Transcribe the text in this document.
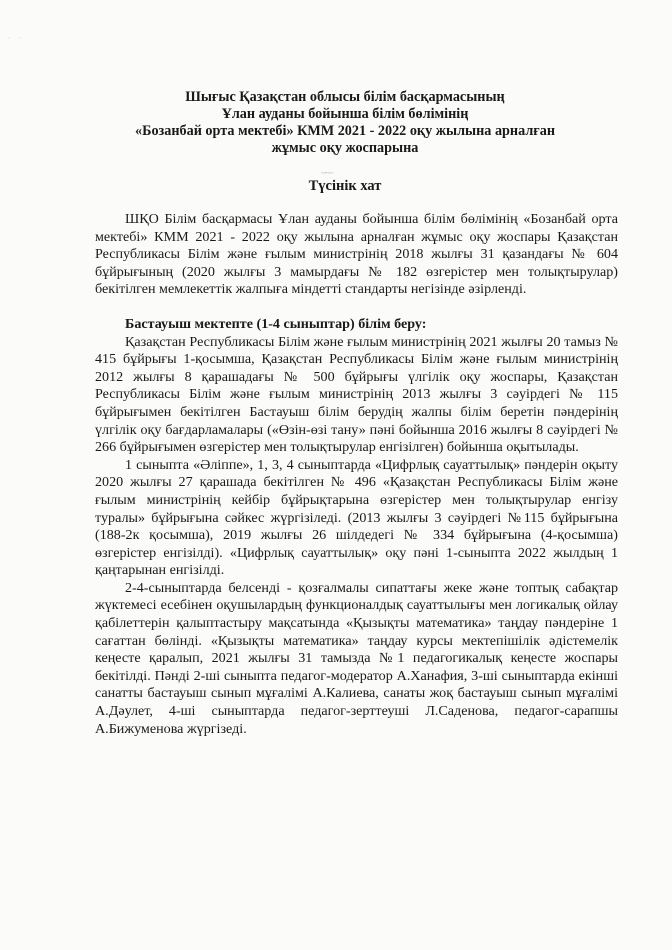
· ·
Шығыс Қазақстан облысы білім басқармасының
Ұлан ауданы бойынша білім бөлімінің
«Бозанбай орта мектебі» КММ 2021 - 2022 оқу жылына арналған
жұмыс оқу жоспарына
~~~
Түсінік хат

ШҚО Білім басқармасы Ұлан ауданы бойынша білім бөлімінің «Бозанбай орта мектебі» КММ 2021 - 2022 оқу жылына арналған жұмыс оқу жоспары Қазақстан Республикасы Білім және ғылым министрінің 2018 жылғы 31 қазандағы № 604 бұйрығының (2020 жылғы 3 мамырдағы № 182 өзгерістер мен толықтырулар) бекітілген мемлекеттік жалпыға міндетті стандарты негізінде әзірленді.

Бастауыш мектепте (1-4 сыныптар) білім беру:

Қазақстан Республикасы Білім және ғылым министрінің 2021 жылғы 20 тамыз № 415 бұйрығы 1-қосымша, Қазақстан Республикасы Білім және ғылым министрінің 2012 жылғы 8 қарашадағы № 500 бұйрығы үлгілік оқу жоспары, Қазақстан Республикасы Білім және ғылым министрінің 2013 жылғы 3 сәуірдегі № 115 бұйрығымен бекітілген Бастауыш білім берудің жалпы білім беретін пәндерінің үлгілік оқу бағдарламалары («Өзін-өзі тану» пәні бойынша 2016 жылғы 8 сәуірдегі № 266 бұйрығымен өзгерістер мен толықтырулар енгізілген) бойынша оқытылады.

1 сыныпта «Әліппе», 1, 3, 4 сыныптарда «Цифрлық сауаттылық» пәндерін оқыту 2020 жылғы 27 қарашада бекітілген № 496 «Қазақстан Республикасы Білім және ғылым министрінің кейбір бұйрықтарына өзгерістер мен толықтырулар енгізу туралы» бұйрығына сәйкес жүргізіледі. (2013 жылғы 3 сәуірдегі №115 бұйрығына (188-2к қосымша), 2019 жылғы 26 шілдедегі № 334 бұйрығына (4-қосымша) өзгерістер енгізілді). «Цифрлық сауаттылық» оқу пәні 1-сыныпта 2022 жылдың 1 қаңтарынан енгізілді.

2-4-сыныптарда белсенді - қозғалмалы сипаттағы жеке және топтық сабақтар жүктемесі есебінен оқушылардың функционалдық сауаттылығы мен логикалық ойлау қабілеттерін қалыптастыру мақсатында «Қызықты математика» таңдау пәндеріне 1 сағаттан бөлінді. «Қызықты математика» таңдау курсы мектепішілік әдістемелік кеңесте қаралып, 2021 жылғы 31 тамызда №1 педагогикалық кеңесте жоспары бекітілді. Пәнді 2-ші сыныпта педагог-модератор А.Ханафия, 3-ші сыныптарда екінші санатты бастауыш сынып мұғалімі А.Калиева, санаты жоқ бастауыш сынып мұғалімі А.Дәулет, 4-ші сыныптарда педагог-зерттеуші Л.Саденова, педагог-сарапшы А.Бижуменова жүргізеді.
